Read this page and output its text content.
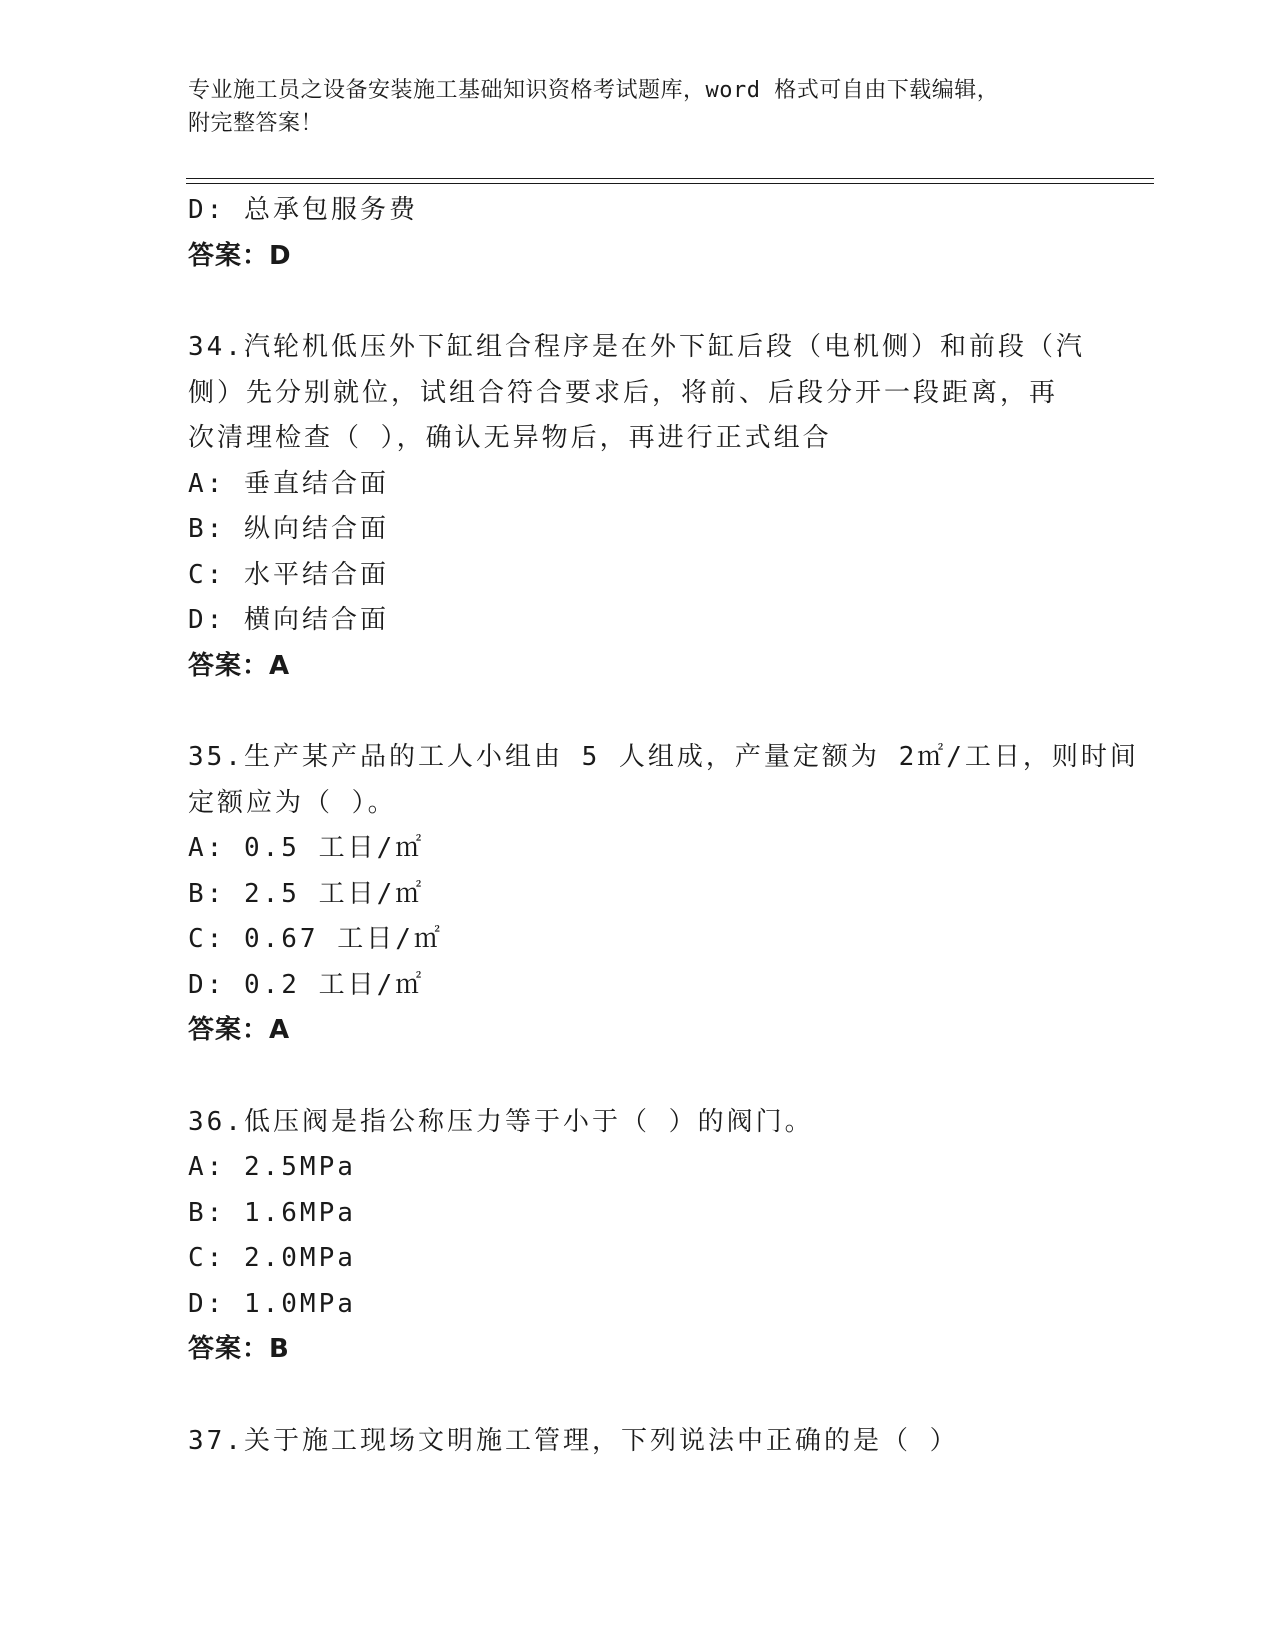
专业施工员之设备安装施工基础知识资格考试题库，word 格式可自由下载编辑，
附完整答案！
D: 总承包服务费
答案：D
34.汽轮机低压外下缸组合程序是在外下缸后段（电机侧）和前段（汽
侧）先分别就位，试组合符合要求后，将前、后段分开一段距离，再
次清理检查（ ），确认无异物后，再进行正式组合
A: 垂直结合面
B: 纵向结合面
C: 水平结合面
D: 横向结合面
答案：A
35.生产某产品的工人小组由 5 人组成，产量定额为 2㎡/工日，则时间
定额应为（ ）。
A: 0.5 工日/㎡
B: 2.5 工日/㎡
C: 0.67 工日/㎡
D: 0.2 工日/㎡
答案：A
36.低压阀是指公称压力等于小于（ ）的阀门。
A: 2.5MPa
B: 1.6MPa
C: 2.0MPa
D: 1.0MPa
答案：B
37.关于施工现场文明施工管理，下列说法中正确的是（ ）
